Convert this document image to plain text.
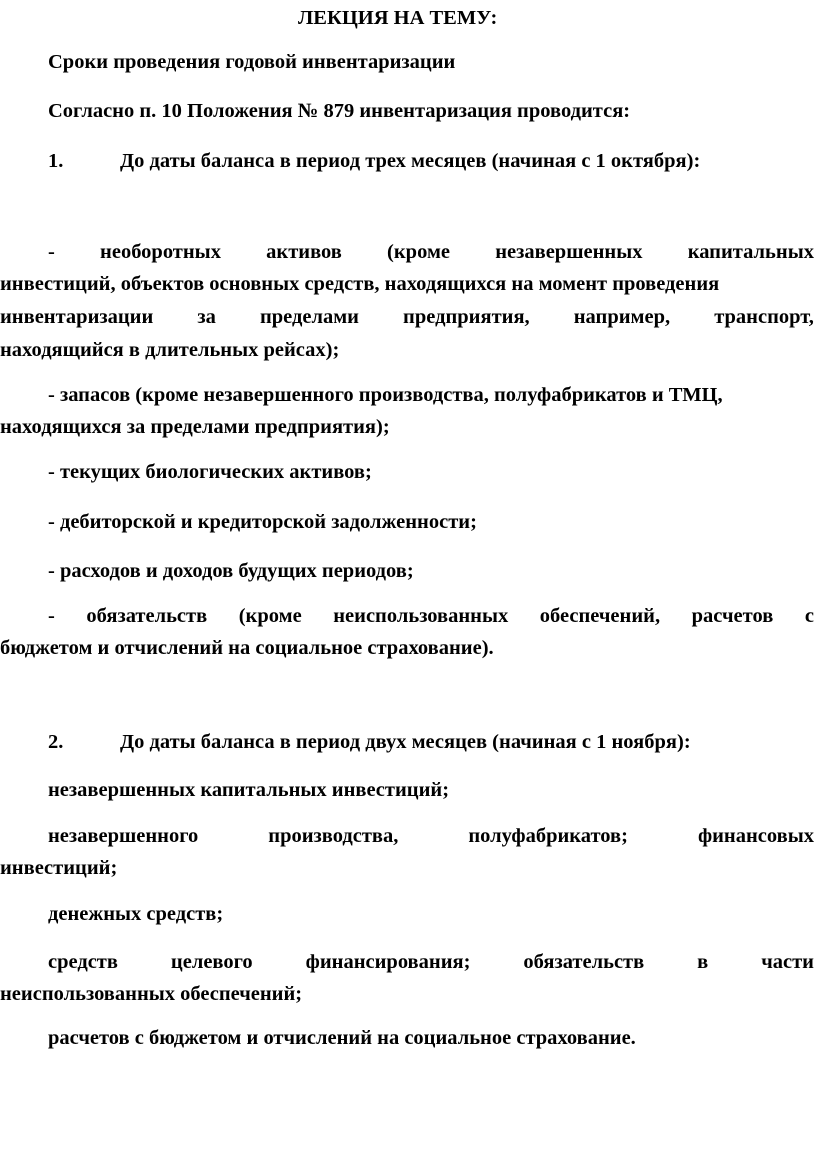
ЛЕКЦИЯ НА ТЕМУ:
Сроки проведения годовой инвентаризации
Согласно п. 10 Положения № 879 инвентаризация проводится:
1.	До даты баланса в период трех месяцев (начиная с 1 октября):
- необоротных активов (кроме незавершенных капитальных
инвестиций, объектов основных средств, находящихся на момент проведения
инвентаризации за пределами предприятия, например, транспорт,
находящийся в длительных рейсах);
- запасов (кроме незавершенного производства, полуфабрикатов и ТМЦ,
находящихся за пределами предприятия);
- текущих биологических активов;
- дебиторской и кредиторской задолженности;
- расходов и доходов будущих периодов;
- обязательств (кроме неиспользованных обеспечений, расчетов с
бюджетом и отчислений на социальное страхование).
2.	До даты баланса в период двух месяцев (начиная с 1 ноября):
незавершенных капитальных инвестиций;
незавершенного	производства,	полуфабрикатов;	финансовых
инвестиций;
денежных средств;
средств	целевого	финансирования;	обязательств	в	части
неиспользованных обеспечений;
расчетов с бюджетом и отчислений на социальное страхование.
